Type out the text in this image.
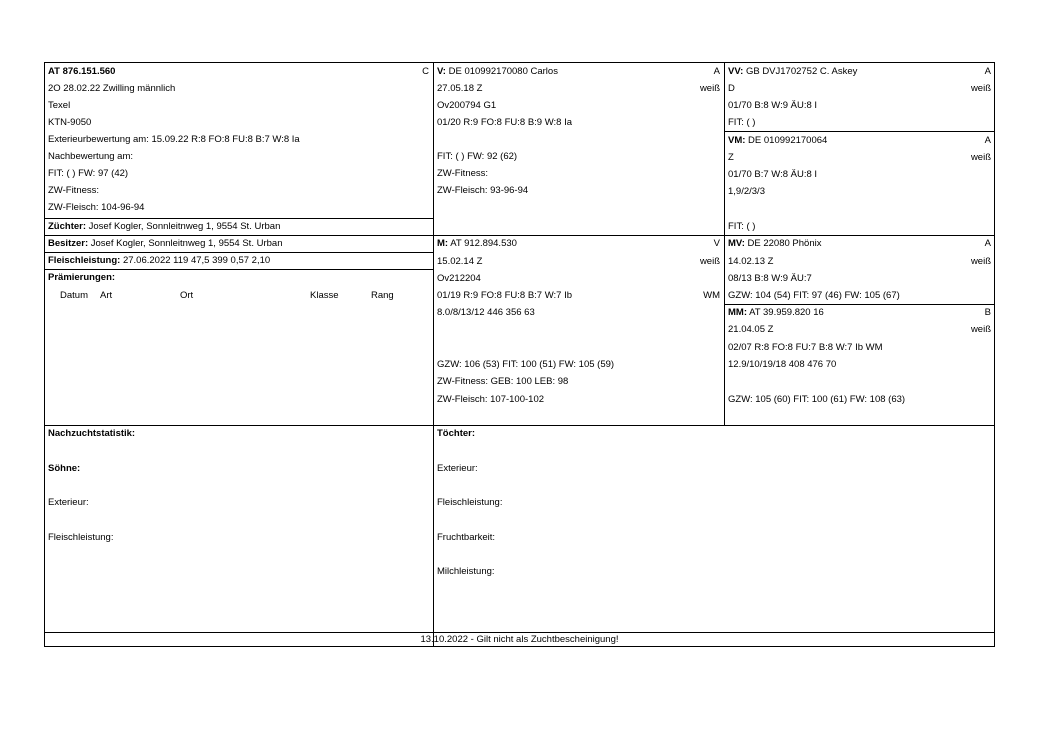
AT 876.151.560	C
2O 28.02.22 Zwilling männlich
Texel
KTN-9050
Exterieurbewertung am: 15.09.22 R:8 FO:8 FU:8 B:7 W:8 Ia
Nachbewertung am:
FIT: ( ) FW: 97 (42)
ZW-Fitness:
ZW-Fleisch: 104-96-94
Züchter: Josef Kogler, Sonnleitnweg 1, 9554 St. Urban
Besitzer: Josef Kogler, Sonnleitnweg 1, 9554 St. Urban
Fleischleistung: 27.06.2022 119 47,5 399 0,57 2,10
Prämierungen:
Datum Art	Ort	Klasse	Rang
V: DE 010992170080 Carlos	A
27.05.18 Z	weiß
Ov200794 G1
01/20 R:9 FO:8 FU:8 B:9 W:8 Ia
FIT: ( ) FW: 92 (62)
ZW-Fitness:
ZW-Fleisch: 93-96-94
M: AT 912.894.530	V
15.02.14 Z	weiß
Ov212204
01/19 R:9 FO:8 FU:8 B:7 W:7 Ib	WM
8.0/8/13/12 446 356 63
GZW: 106 (53) FIT: 100 (51) FW: 105 (59)
ZW-Fitness: GEB: 100 LEB: 98
ZW-Fleisch: 107-100-102
VV: GB DVJ1702752 C. Askey	A
D	weiß
01/70 B:8 W:9 ÄU:8 I
FIT: ( )
VM: DE 010992170064	A
Z	weiß
01/70 B:7 W:8 ÄU:8 I
1,9/2/3/3
FIT: ( )
MV: DE 22080 Phönix	A
14.02.13 Z	weiß
08/13 B:8 W:9 ÄU:7
GZW: 104 (54) FIT: 97 (46) FW: 105 (67)
MM: AT 39.959.820 16	B
21.04.05 Z	weiß
02/07 R:8 FO:8 FU:7 B:8 W:7 Ib WM
12.9/10/19/18 408 476 70
GZW: 105 (60) FIT: 100 (61) FW: 108 (63)
Nachzuchtstatistik:
Söhne:
Exterieur:
Fleischleistung:
Töchter:
Exterieur:
Fleischleistung:
Fruchtbarkeit:
Milchleistung:
13.10.2022 - Gilt nicht als Zuchtbescheinigung!
